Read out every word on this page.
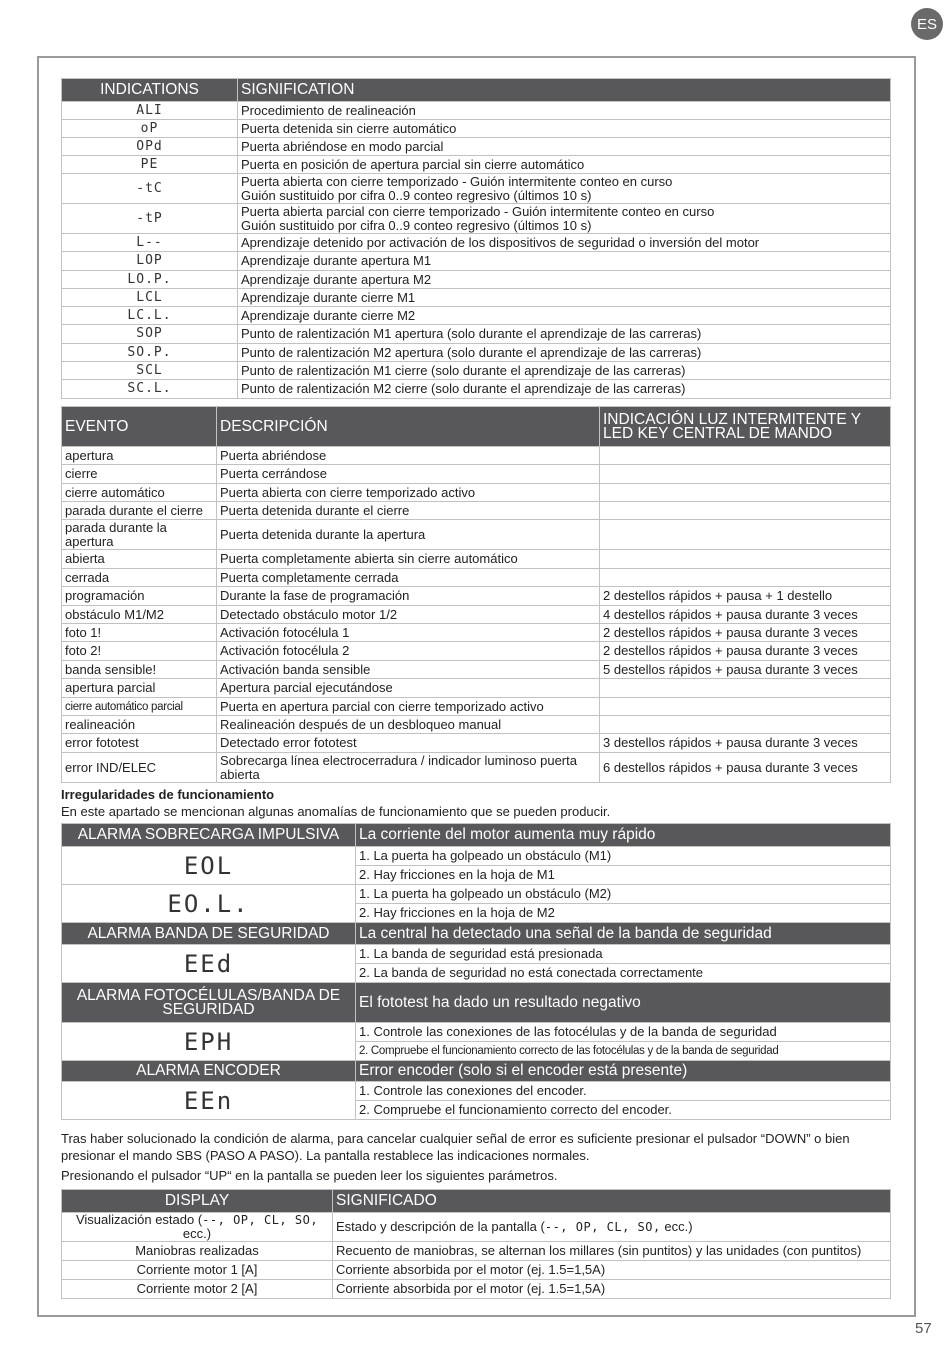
ES
57
INDICATIONS	SIGNIFICATION
ALI	Procedimiento de realineación
oP	Puerta detenida sin cierre automático
OPd	Puerta abriéndose en modo parcial
PE	Puerta en posición de apertura parcial sin cierre automático
-tC	Puerta abierta con cierre temporizado - Guión intermitente conteo en curso
Guión sustituido por cifra 0..9 conteo regresivo (últimos 10 s)

-tP	Puerta abierta parcial con cierre temporizado - Guión intermitente conteo en curso
Guión sustituido por cifra 0..9 conteo regresivo (últimos 10 s)

L--	Aprendizaje detenido por activación de los dispositivos de seguridad o inversión del motor
LOP	Aprendizaje durante apertura M1
LO.P.	Aprendizaje durante apertura M2
LCL	Aprendizaje durante cierre M1
LC.L.	Aprendizaje durante cierre M2
SOP	Punto de ralentización M1 apertura (solo durante el aprendizaje de las carreras)
SO.P.	Punto de ralentización M2 apertura (solo durante el aprendizaje de las carreras)
SCL	Punto de ralentización M1 cierre (solo durante el aprendizaje de las carreras)
SC.L.	Punto de ralentización M2 cierre (solo durante el aprendizaje de las carreras)
EVENTO	DESCRIPCIÓN	INDICACIÓN LUZ INTERMITENTE Y
LED KEY CENTRAL DE MANDO

apertura	Puerta abriéndose	
cierre	Puerta cerrándose	
cierre automático	Puerta abierta con cierre temporizado activo	
parada durante el cierre	Puerta detenida durante el cierre	
parada durante la apertura	Puerta detenida durante la apertura	
abierta	Puerta completamente abierta sin cierre automático	
cerrada	Puerta completamente cerrada	
programación	Durante la fase de programación	2 destellos rápidos + pausa + 1 destello
obstáculo M1/M2	Detectado obstáculo motor 1/2	4 destellos rápidos + pausa durante 3 veces
foto 1!	Activación fotocélula 1	2 destellos rápidos + pausa durante 3 veces
foto 2!	Activación fotocélula 2	2 destellos rápidos + pausa durante 3 veces
banda sensible!	Activación banda sensible	5 destellos rápidos + pausa durante 3 veces
apertura parcial	Apertura parcial ejecutándose	
cierre automático parcial	Puerta en apertura parcial con cierre temporizado activo	
realineación	Realineación después de un desbloqueo manual	
error fototest	Detectado error fototest	3 destellos rápidos + pausa durante 3 veces
error IND/ELEC	Sobrecarga línea electrocerradura / indicador luminoso puerta abierta	6 destellos rápidos + pausa durante 3 veces
Irregularidades de funcionamiento
En este apartado se mencionan algunas anomalías de funcionamiento que se pueden producir.
ALARMA SOBRECARGA IMPULSIVA	La corriente del motor aumenta muy rápido
EOL	1. La puerta ha golpeado un obstáculo (M1)
	2. Hay fricciones en la hoja de M1
EO.L.	1. La puerta ha golpeado un obstáculo (M2)
	2. Hay fricciones en la hoja de M2
ALARMA BANDA DE SEGURIDAD	La central ha detectado una señal de la banda de seguridad
EEd	1. La banda de seguridad está presionada
	2. La banda de seguridad no está conectada correctamente

ALARMA FOTOCÉLULAS/BANDA DE
SEGURIDAD	El fototest ha dado un resultado negativo
EPH	1. Controle las conexiones de las fotocélulas y de la banda de seguridad
	2. Compruebe el funcionamiento correcto de las fotocélulas y de la banda de seguridad
ALARMA ENCODER	Error encoder (solo si el encoder está presente)
EEn	1. Controle las conexiones del encoder.
	2. Compruebe el funcionamiento correcto del encoder.
Tras haber solucionado la condición de alarma, para cancelar cualquier señal de error es suficiente presionar el pulsador “DOWN” o bien
presionar el mando SBS (PASO A PASO). La pantalla restablece las indicaciones normales.
Presionando el pulsador “UP“ en la pantalla se pueden leer los siguientes parámetros.
DISPLAY	SIGNIFICADO
Visualización estado (--, OP, CL, SO, ecc.)	Estado y descripción de la pantalla (--, OP, CL, SO, ecc.)
Maniobras realizadas	Recuento de maniobras, se alternan los millares (sin puntitos) y las unidades (con puntitos)
Corriente motor 1 [A]	Corriente absorbida por el motor (ej. 1.5=1,5A)
Corriente motor 2 [A]	Corriente absorbida por el motor (ej. 1.5=1,5A)
